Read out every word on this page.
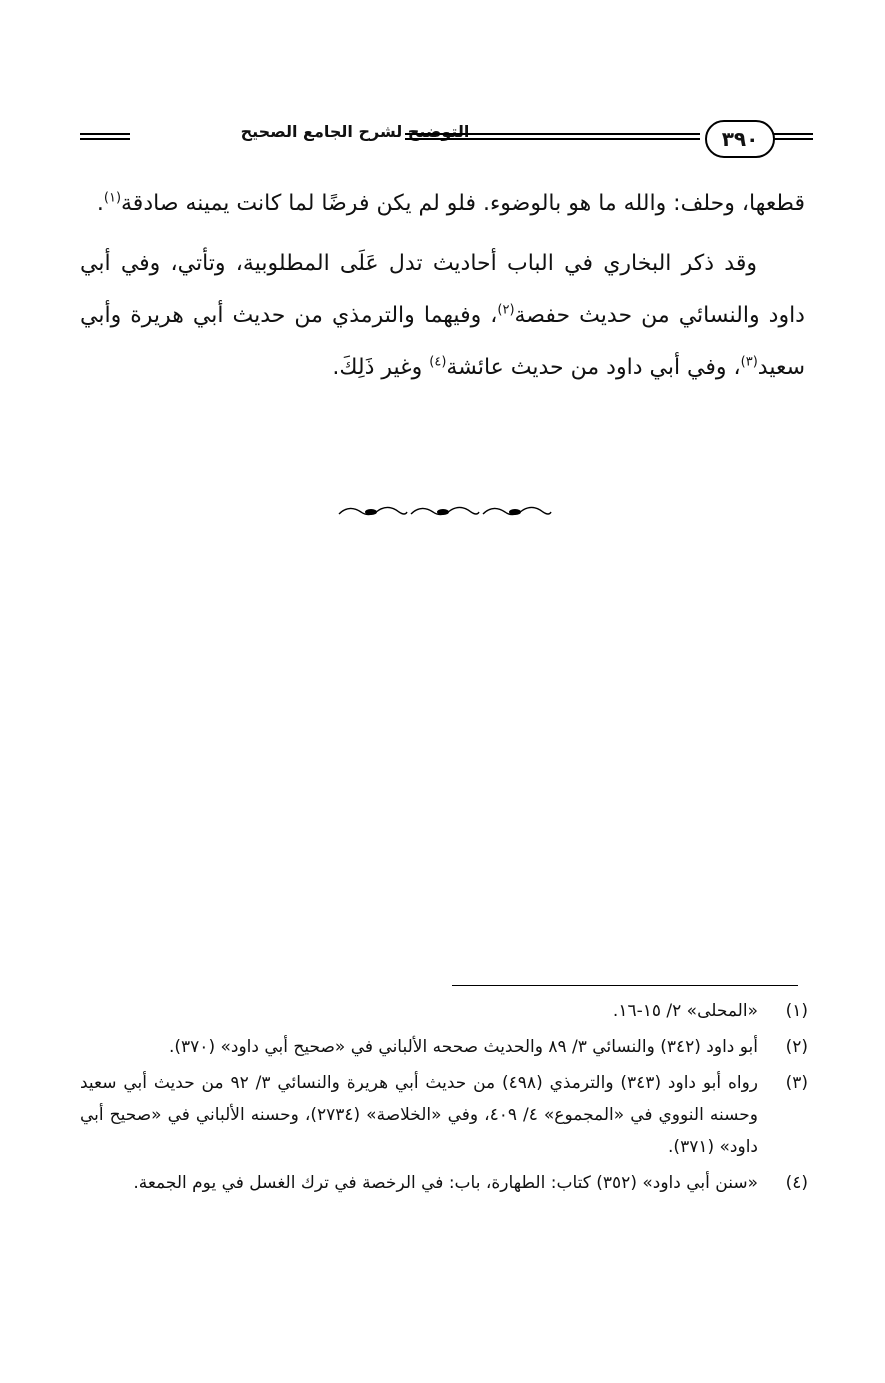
التوضيح لشرح الجامع الصحيح	٣٩٠

قطعها، وحلف: والله ما هو بالوضوء. فلو لم يكن فرضًا لما كانت يمينه صادقة$^{(١)}$.

وقد ذكر البخاري في الباب أحاديث تدل عَلَى المطلوبية، وتأتي، وفي أبي داود والنسائي من حديث حفصة$^{(٢)}$، وفيهما والترمذي من حديث أبي هريرة وأبي سعيد$^{(٣)}$، وفي أبي داود من حديث عائشة$^{(٤)}$ وغير ذَلِكَ.

(١)
«المحلى» ٢/ ١٥-١٦.
(٢)
أبو داود (٣٤٢) والنسائي ٣/ ٨٩ والحديث صححه الألباني في «صحيح أبي داود» (٣٧٠).
(٣)
رواه أبو داود (٣٤٣) والترمذي (٤٩٨) من حديث أبي هريرة والنسائي ٣/ ٩٢ من حديث أبي سعيد وحسنه النووي في «المجموع» ٤/ ٤٠٩، وفي «الخلاصة» (٢٧٣٤)، وحسنه الألباني في «صحيح أبي داود» (٣٧١).
(٤)
«سنن أبي داود» (٣٥٢) كتاب: الطهارة، باب: في الرخصة في ترك الغسل في يوم الجمعة.
